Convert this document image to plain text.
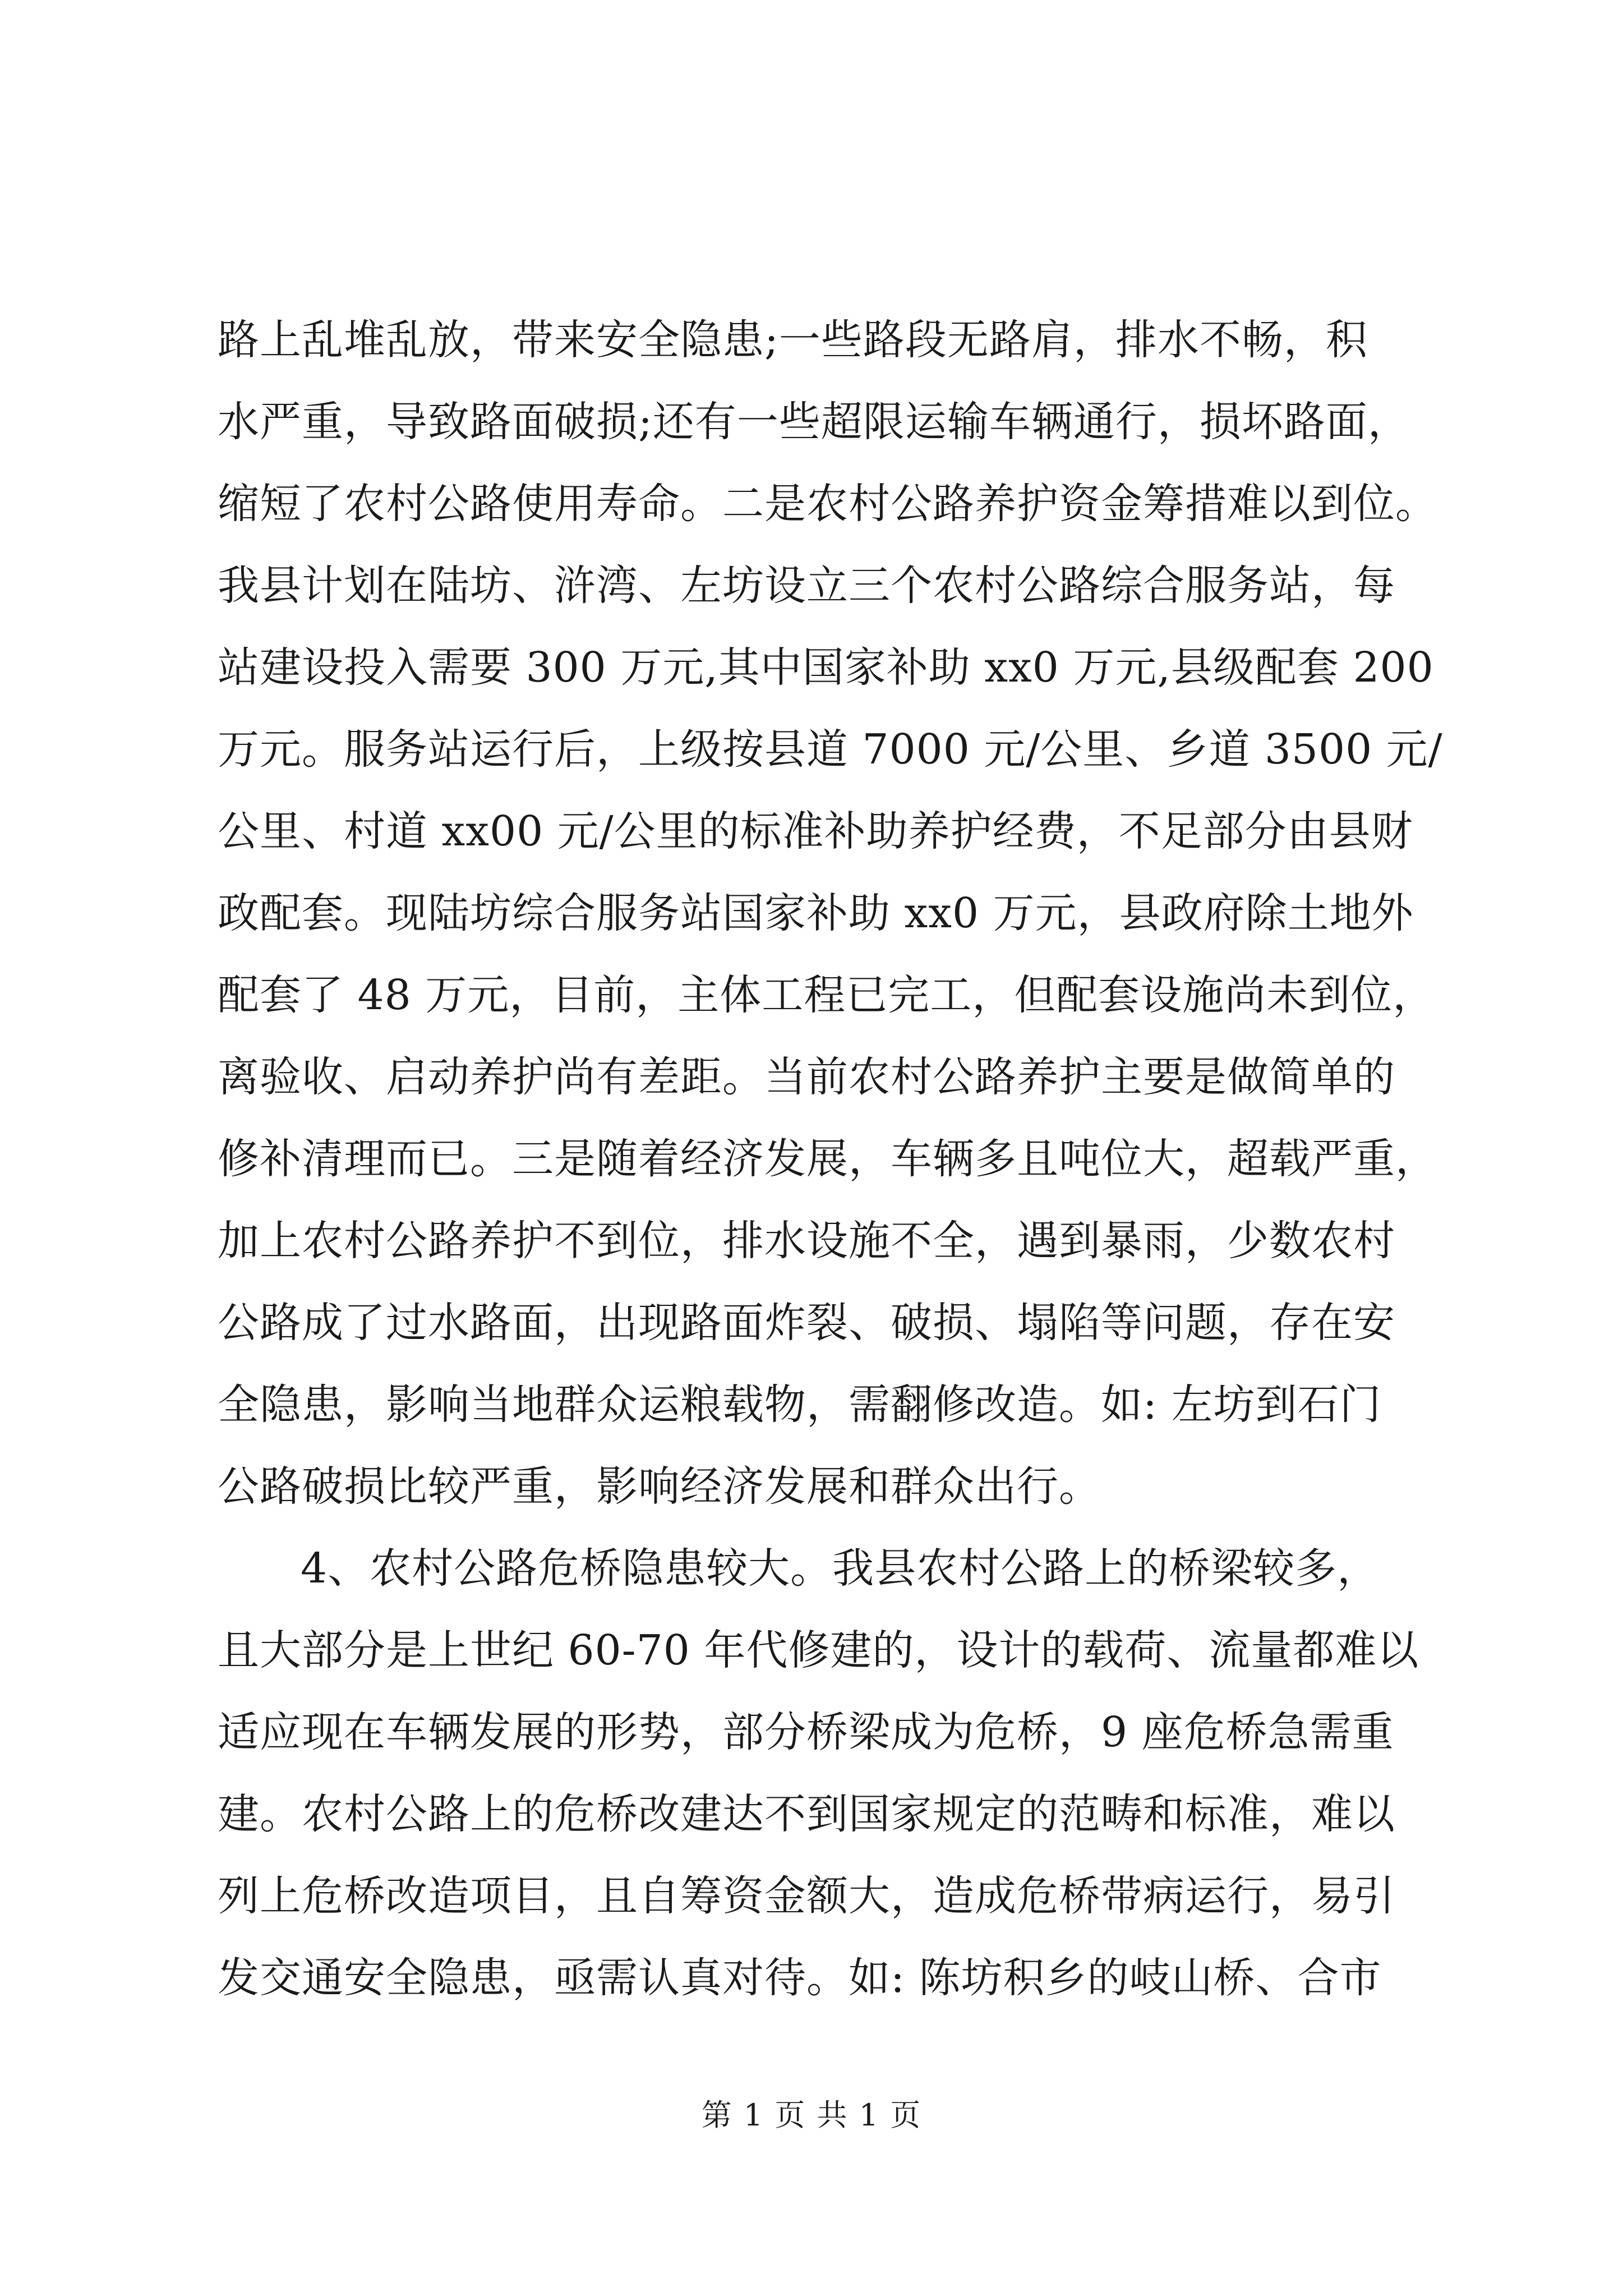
路上乱堆乱放，带来安全隐患;一些路段无路肩，排水不畅，积
水严重，导致路面破损;还有一些超限运输车辆通行，损坏路面，
缩短了农村公路使用寿命。二是农村公路养护资金筹措难以到位。
我县计划在陆坊、浒湾、左坊设立三个农村公路综合服务站，每
站建设投入需要 300 万元,其中国家补助 xx0 万元,县级配套 200
万元。服务站运行后，上级按县道 7000 元/公里、乡道 3500 元/
公里、村道 xx00 元/公里的标准补助养护经费，不足部分由县财
政配套。现陆坊综合服务站国家补助 xx0 万元，县政府除土地外
配套了 48 万元，目前，主体工程已完工，但配套设施尚未到位，
离验收、启动养护尚有差距。当前农村公路养护主要是做简单的
修补清理而已。三是随着经济发展，车辆多且吨位大，超载严重，
加上农村公路养护不到位，排水设施不全，遇到暴雨，少数农村
公路成了过水路面，出现路面炸裂、破损、塌陷等问题，存在安
全隐患，影响当地群众运粮载物，需翻修改造。如: 左坊到石门
公路破损比较严重，影响经济发展和群众出行。
4、农村公路危桥隐患较大。我县农村公路上的桥梁较多，
且大部分是上世纪 60-70 年代修建的，设计的载荷、流量都难以
适应现在车辆发展的形势，部分桥梁成为危桥，9 座危桥急需重
建。农村公路上的危桥改建达不到国家规定的范畴和标准，难以
列上危桥改造项目，且自筹资金额大，造成危桥带病运行，易引
发交通安全隐患，亟需认真对待。如: 陈坊积乡的岐山桥、合市
第 1 页 共 1 页
